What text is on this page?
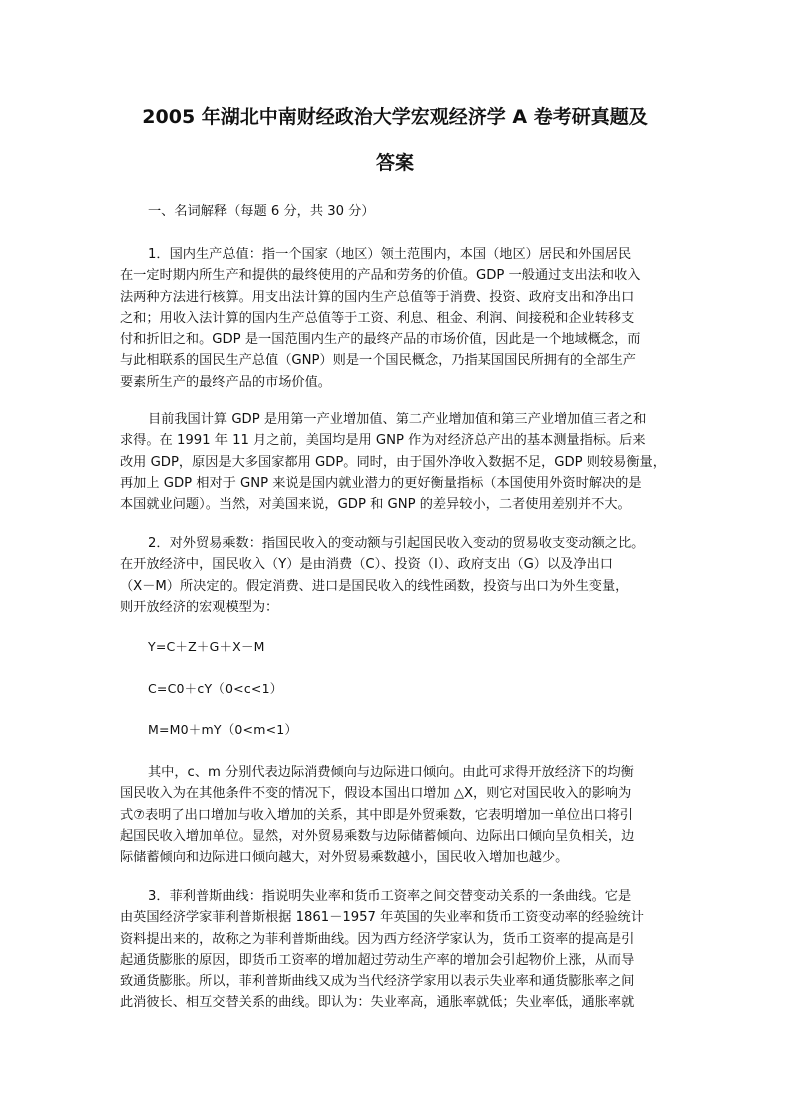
2005 年湖北中南财经政治大学宏观经济学 A 卷考研真题及
答案
一、名词解释（每题 6 分，共 30 分）
1．国内生产总值：指一个国家（地区）领土范围内，本国（地区）居民和外国居民
在一定时期内所生产和提供的最终使用的产品和劳务的价值。GDP 一般通过支出法和收入
法两种方法进行核算。用支出法计算的国内生产总值等于消费、投资、政府支出和净出口
之和；用收入法计算的国内生产总值等于工资、利息、租金、利润、间接税和企业转移支
付和折旧之和。GDP 是一国范围内生产的最终产品的市场价值，因此是一个地域概念，而
与此相联系的国民生产总值（GNP）则是一个国民概念，乃指某国国民所拥有的全部生产
要素所生产的最终产品的市场价值。
目前我国计算 GDP 是用第一产业增加值、第二产业增加值和第三产业增加值三者之和
求得。在 1991 年 11 月之前，美国均是用 GNP 作为对经济总产出的基本测量指标。后来
改用 GDP，原因是大多国家都用 GDP。同时，由于国外净收入数据不足，GDP 则较易衡量，
再加上 GDP 相对于 GNP 来说是国内就业潜力的更好衡量指标（本国使用外资时解决的是
本国就业问题）。当然，对美国来说，GDP 和 GNP 的差异较小，二者使用差别并不大。
2．对外贸易乘数：指国民收入的变动额与引起国民收入变动的贸易收支变动额之比。
在开放经济中，国民收入（Y）是由消费（C）、投资（I）、政府支出（G）以及净出口
（X－M）所决定的。假定消费、进口是国民收入的线性函数，投资与出口为外生变量，
则开放经济的宏观模型为：
Y=C＋Z＋G＋X－M
C=C0＋cY（0<c<1）
M=M0＋mY（0<m<1）
其中，c、m 分别代表边际消费倾向与边际进口倾向。由此可求得开放经济下的均衡
国民收入为在其他条件不变的情况下，假设本国出口增加 △X，则它对国民收入的影响为
式⑦表明了出口增加与收入增加的关系，其中即是外贸乘数，它表明增加一单位出口将引
起国民收入增加单位。显然，对外贸易乘数与边际储蓄倾向、边际出口倾向呈负相关，边
际储蓄倾向和边际进口倾向越大，对外贸易乘数越小，国民收入增加也越少。
3．菲利普斯曲线：指说明失业率和货币工资率之间交替变动关系的一条曲线。它是
由英国经济学家菲利普斯根据 1861－1957 年英国的失业率和货币工资变动率的经验统计
资料提出来的，故称之为菲利普斯曲线。因为西方经济学家认为，货币工资率的提高是引
起通货膨胀的原因，即货币工资率的增加超过劳动生产率的增加会引起物价上涨，从而导
致通货膨胀。所以，菲利普斯曲线又成为当代经济学家用以表示失业率和通货膨胀率之间
此消彼长、相互交替关系的曲线。即认为：失业率高，通胀率就低；失业率低，通胀率就
